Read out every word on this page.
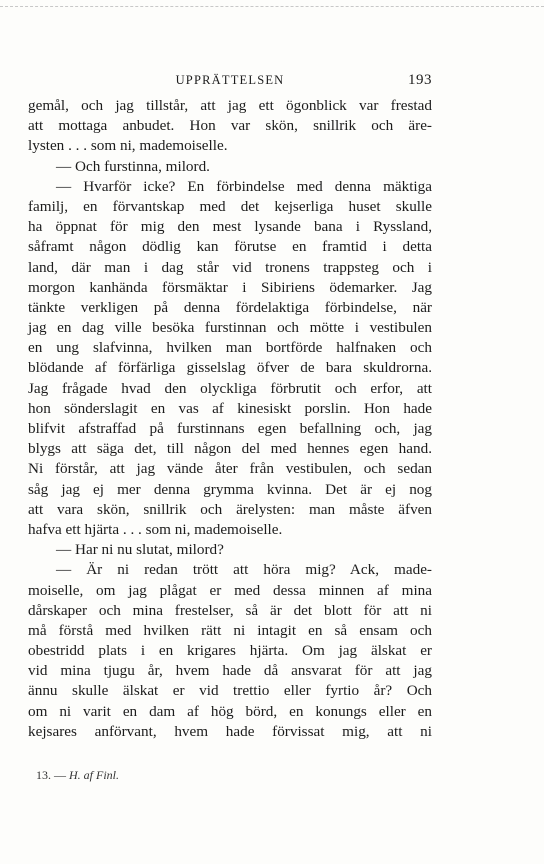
UPPRÄTTELSEN	193
gemål, och jag tillstår, att jag ett ögonblick var frestad
att mottaga anbudet. Hon var skön, snillrik och äre-
lysten . . . som ni, mademoiselle.
— Och furstinna, milord.
— Hvarför icke? En förbindelse med denna mäktiga
familj, en förvantskap med det kejserliga huset skulle
ha öppnat för mig den mest lysande bana i Ryssland,
såframt någon dödlig kan förutse en framtid i detta
land, där man i dag står vid tronens trappsteg och i
morgon kanhända försmäktar i Sibiriens ödemarker. Jag
tänkte verkligen på denna fördelaktiga förbindelse, när
jag en dag ville besöka furstinnan och mötte i vestibulen
en ung slafvinna, hvilken man bortförde halfnaken och
blödande af förfärliga gisselslag öfver de bara skuldrorna.
Jag frågade hvad den olyckliga förbrutit och erfor, att
hon sönderslagit en vas af kinesiskt porslin. Hon hade
blifvit afstraffad på furstinnans egen befallning och, jag
blygs att säga det, till någon del med hennes egen hand.
Ni förstår, att jag vände åter från vestibulen, och sedan
såg jag ej mer denna grymma kvinna. Det är ej nog
att vara skön, snillrik och ärelysten: man måste äfven
hafva ett hjärta . . . som ni, mademoiselle.
— Har ni nu slutat, milord?
— Är ni redan trött att höra mig? Ack, made-
moiselle, om jag plågat er med dessa minnen af mina
dårskaper och mina frestelser, så är det blott för att ni
må förstå med hvilken rätt ni intagit en så ensam och
obestridd plats i en krigares hjärta. Om jag älskat er
vid mina tjugu år, hvem hade då ansvarat för att jag
ännu skulle älskat er vid trettio eller fyrtio år? Och
om ni varit en dam af hög börd, en konungs eller en
kejsares anförvant, hvem hade förvissat mig, att ni
13. — H. af Finl.
